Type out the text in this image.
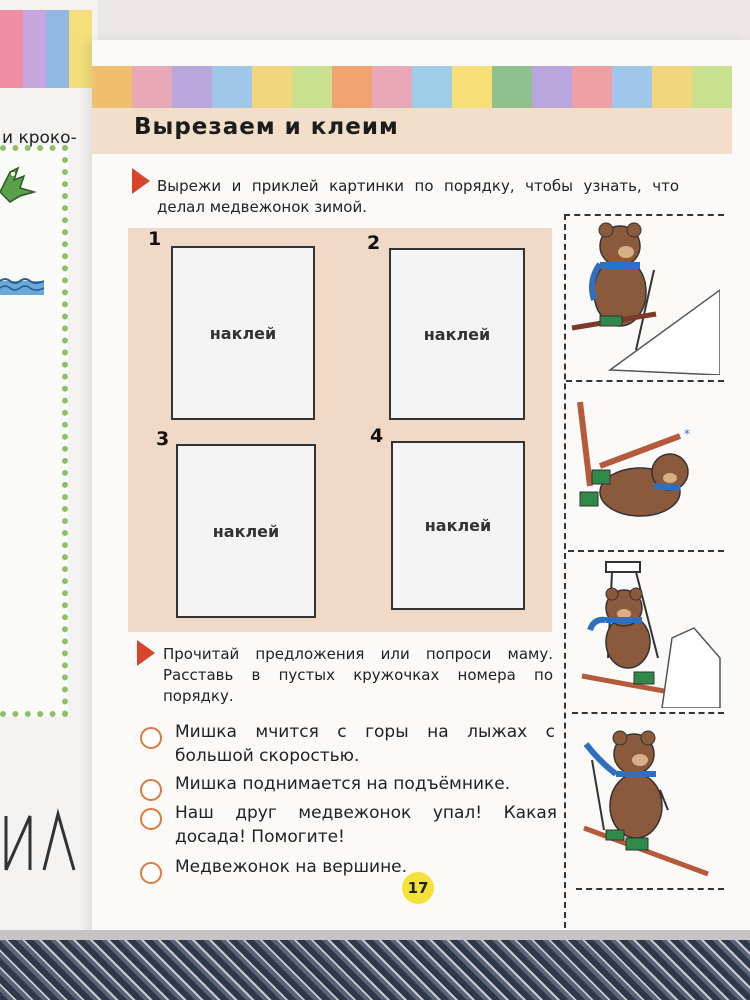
и кроко- Вырезаем и клеим
Вырежи и приклей картинки по порядку, чтобы узнать, что делал медвежонок зимой.
1
наклей
2
наклей
3
наклей
4
наклей
*
Прочитай предложения или попроси маму. Расставь в пустых кружочках номера по порядку.
Мишка мчится с горы на лыжах с большой скоростью.
Мишка поднимается на подъёмнике.
Наш друг медвежонок упал! Какая досада! Помогите!
Медвежонок на вершине.
17
